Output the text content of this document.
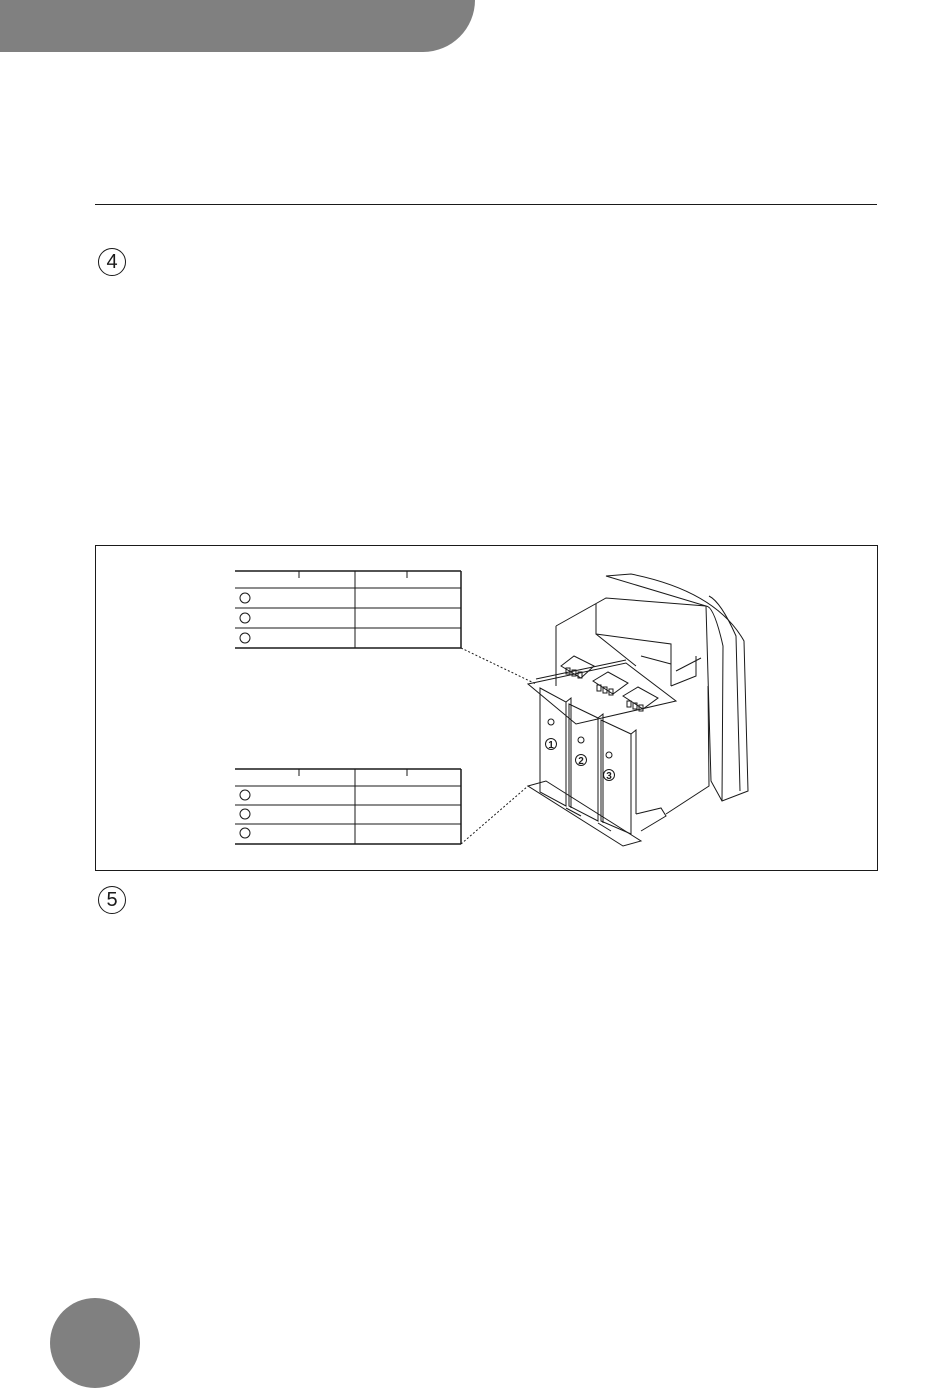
4
1
2
3
5
